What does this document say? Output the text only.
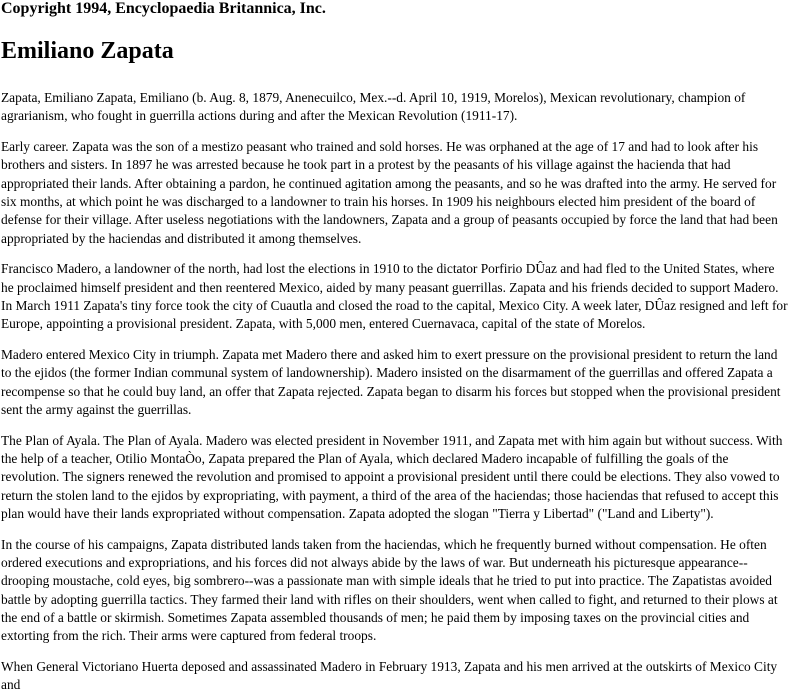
Copyright 1994, Encyclopaedia Britannica, Inc.
Emiliano Zapata

Zapata, Emiliano Zapata, Emiliano (b. Aug. 8, 1879, Anenecuilco, Mex.--d. April 10, 1919, Morelos), Mexican revolutionary, champion of agrarianism, who fought in guerrilla actions during and after the Mexican Revolution (1911-17).

Early career. Zapata was the son of a mestizo peasant who trained and sold horses. He was orphaned at the age of 17 and had to look after his brothers and sisters. In 1897 he was arrested because he took part in a protest by the peasants of his village against the hacienda that had appropriated their lands. After obtaining a pardon, he continued agitation among the peasants, and so he was drafted into the army. He served for six months, at which point he was discharged to a landowner to train his horses. In 1909 his neighbours elected him president of the board of defense for their village. After useless negotiations with the landowners, Zapata and a group of peasants occupied by force the land that had been appropriated by the haciendas and distributed it among themselves.

Francisco Madero, a landowner of the north, had lost the elections in 1910 to the dictator Porfirio DÛaz and had fled to the United States, where he proclaimed himself president and then reentered Mexico, aided by many peasant guerrillas. Zapata and his friends decided to support Madero. In March 1911 Zapata's tiny force took the city of Cuautla and closed the road to the capital, Mexico City. A week later, DÛaz resigned and left for Europe, appointing a provisional president. Zapata, with 5,000 men, entered Cuernavaca, capital of the state of Morelos.

Madero entered Mexico City in triumph. Zapata met Madero there and asked him to exert pressure on the provisional president to return the land to the ejidos (the former Indian communal system of landownership). Madero insisted on the disarmament of the guerrillas and offered Zapata a recompense so that he could buy land, an offer that Zapata rejected. Zapata began to disarm his forces but stopped when the provisional president sent the army against the guerrillas.

The Plan of Ayala. The Plan of Ayala. Madero was elected president in November 1911, and Zapata met with him again but without success. With the help of a teacher, Otilio MontaÒo, Zapata prepared the Plan of Ayala, which declared Madero incapable of fulfilling the goals of the revolution. The signers renewed the revolution and promised to appoint a provisional president until there could be elections. They also vowed to return the stolen land to the ejidos by expropriating, with payment, a third of the area of the haciendas; those haciendas that refused to accept this plan would have their lands expropriated without compensation. Zapata adopted the slogan "Tierra y Libertad" ("Land and Liberty").

In the course of his campaigns, Zapata distributed lands taken from the haciendas, which he frequently burned without compensation. He often ordered executions and expropriations, and his forces did not always abide by the laws of war. But underneath his picturesque appearance--drooping moustache, cold eyes, big sombrero--was a passionate man with simple ideals that he tried to put into practice. The Zapatistas avoided battle by adopting guerrilla tactics. They farmed their land with rifles on their shoulders, went when called to fight, and returned to their plows at the end of a battle or skirmish. Sometimes Zapata assembled thousands of men; he paid them by imposing taxes on the provincial cities and extorting from the rich. Their arms were captured from federal troops.

When General Victoriano Huerta deposed and assassinated Madero in February 1913, Zapata and his men arrived at the outskirts of Mexico City and
